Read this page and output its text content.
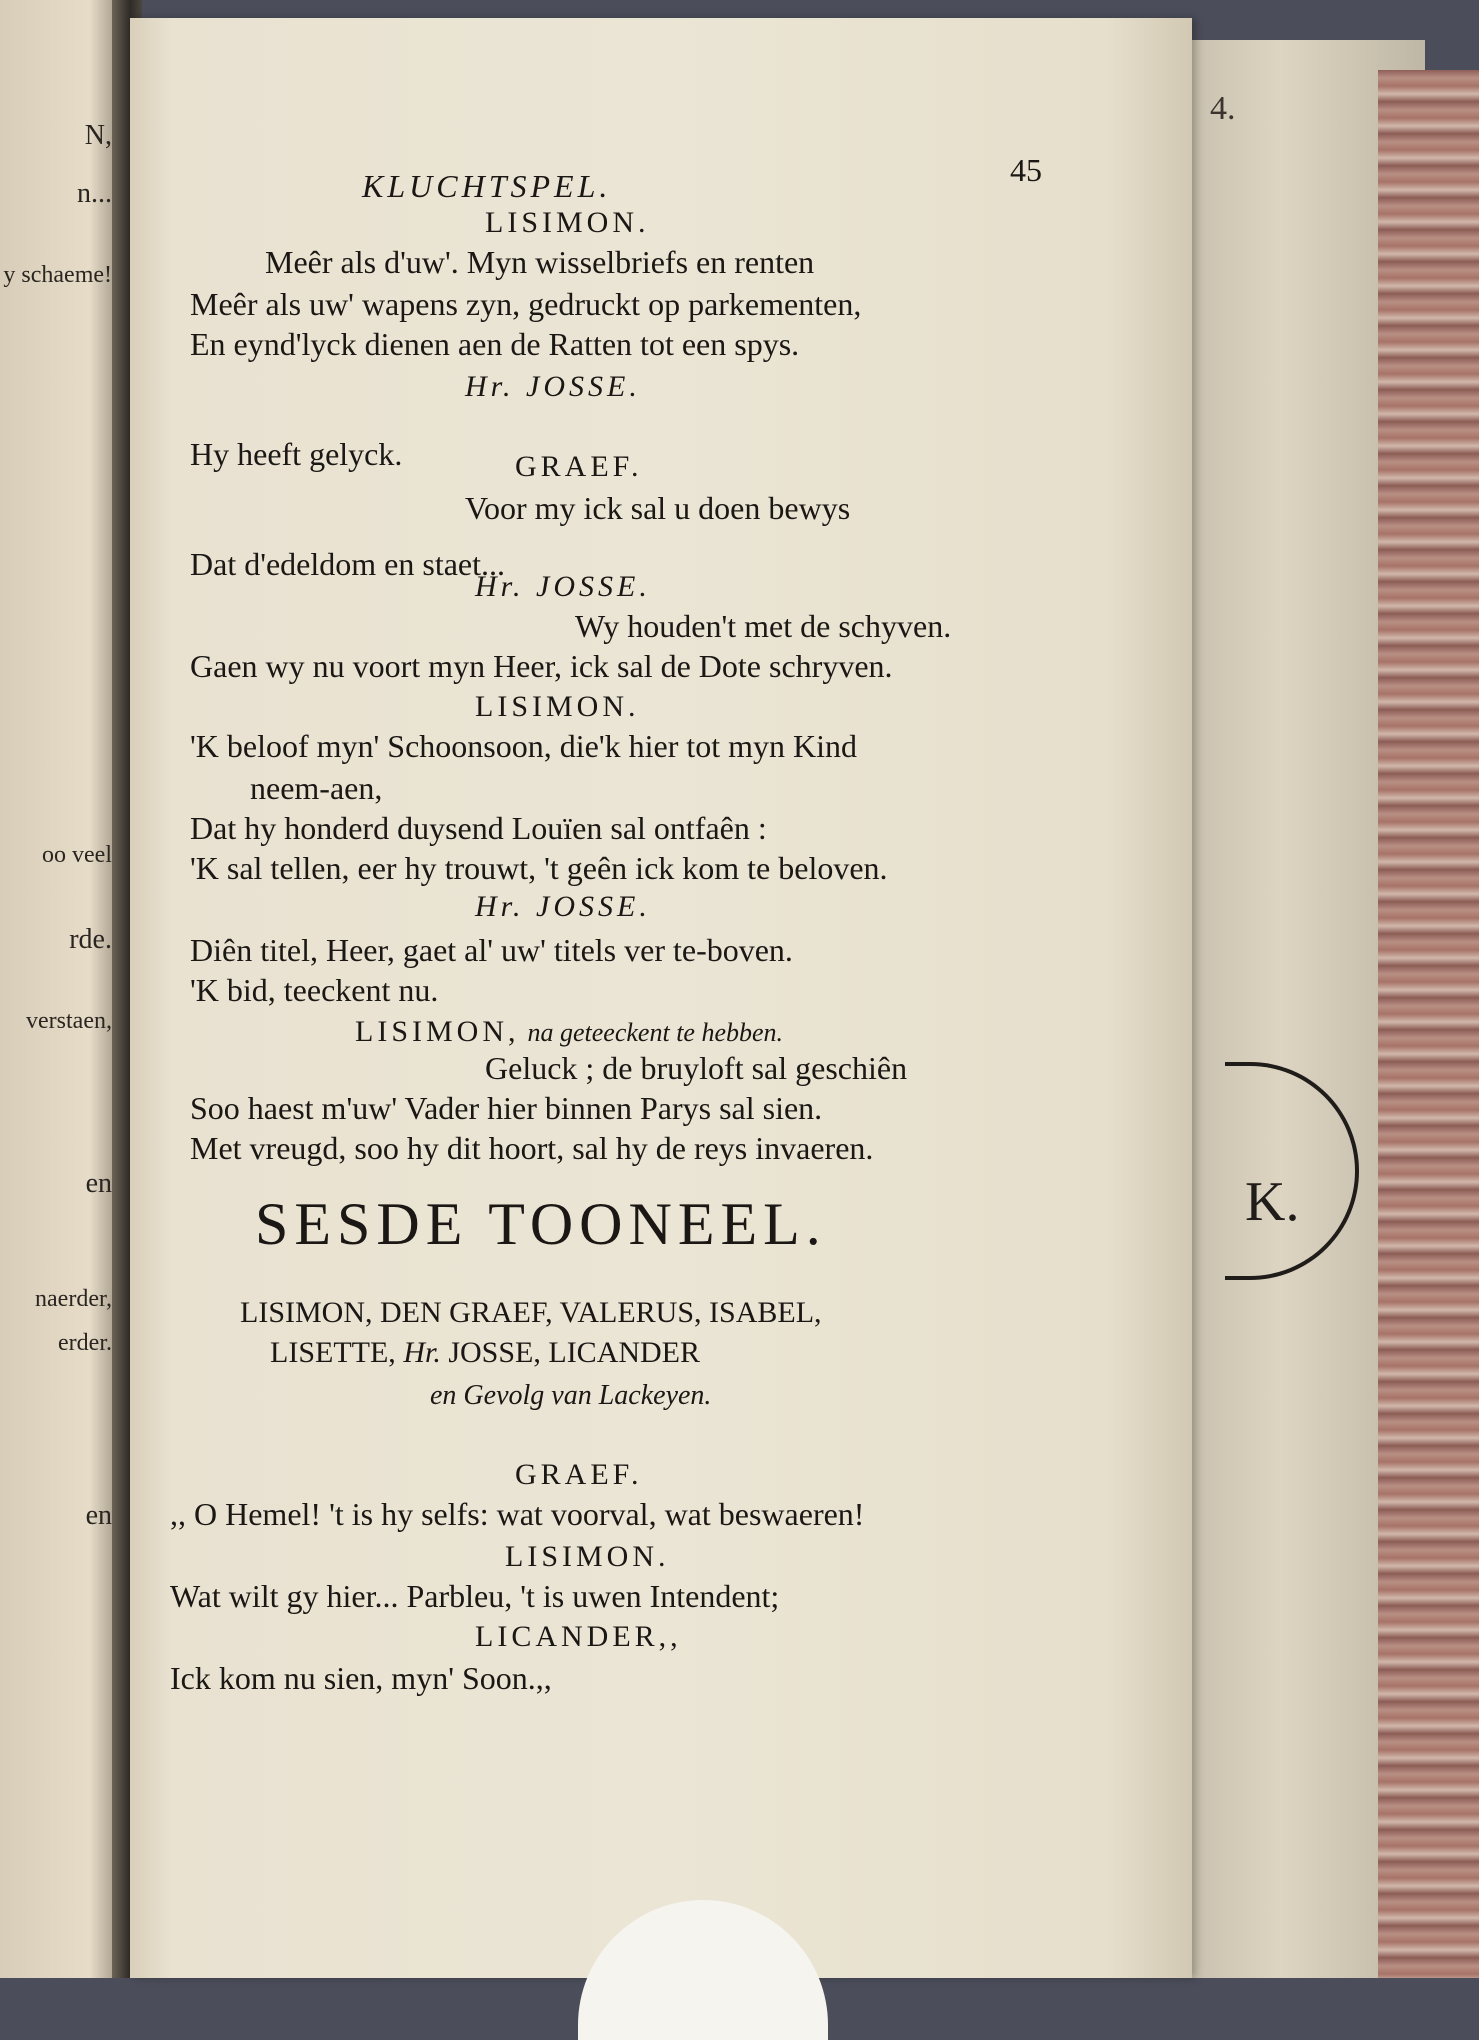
N,
n...
y schaeme!
oo veel
rde.
verstaen,
en
naerder,
erder.
en
4.
K.
KLUCHTSPEL.	45
LISIMON.
Meêr als d'uw'. Myn wisselbriefs en renten
Meêr als uw' wapens zyn, gedruckt op parkementen,
En eynd'lyck dienen aen de Ratten tot een spys.
Hr. JOSSE.
Hy heeft gelyck.	GRAEF.
Voor my ick sal u doen bewys
Dat d'edeldom en staet...
Hr. JOSSE.
Wy houden't met de schyven.
Gaen wy nu voort myn Heer, ick sal de Dote schryven.
LISIMON.
'K beloof myn' Schoonsoon, die'k hier tot myn Kind
neem-aen,
Dat hy honderd duysend Louïen sal ontfaên :
'K sal tellen, eer hy trouwt, 't geên ick kom te beloven.
Hr. JOSSE.
Diên titel, Heer, gaet al' uw' titels ver te-boven.
'K bid, teeckent nu.
LISIMON, na geteeckent te hebben.
Geluck ; de bruyloft sal geschiên
Soo haest m'uw' Vader hier binnen Parys sal sien.
Met vreugd, soo hy dit hoort, sal hy de reys invaeren.
LISIMON, DEN GRAEF, VALERUS, ISABEL,
LISETTE, Hr. JOSSE, LICANDER
en Gevolg van Lackeyen.
GRAEF.
,, O Hemel! 't is hy selfs: wat voorval, wat beswaeren!
LISIMON.
Wat wilt gy hier... Parbleu, 't is uwen Intendent;
LICANDER,,
Ick kom nu sien, myn' Soon.,,
SESDE TOONEEL.
